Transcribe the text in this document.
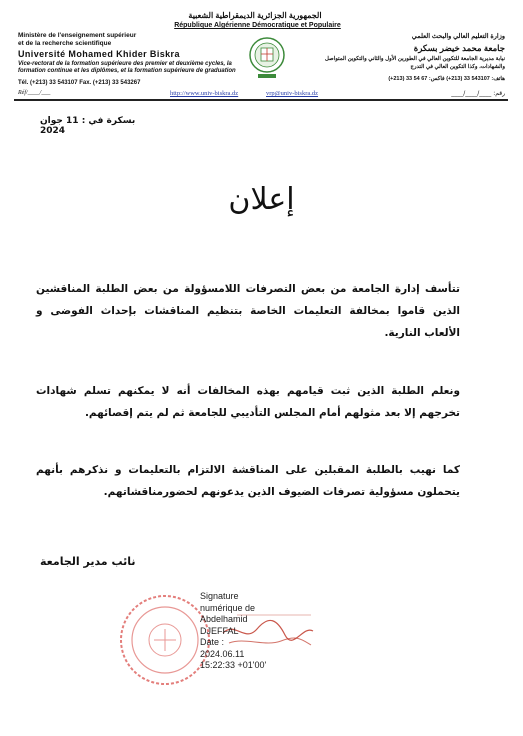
الجمهورية الجزائرية الديمقراطية الشعبية
République Algérienne Démocratique et Populaire
Ministère de l'enseignement supérieur
et de la recherche scientifique
Université Mohamed Khider Biskra
Vice-rectorat de la formation supérieure des premier et deuxième cycles, la formation continue et les diplômes, et la formation supérieure de graduation
Tél. (+213) 33 543107 Fax. (+213) 33 543267
Réf/____/___
وزارة التعليم العالي والبحث العلمي
جامعة محمد خيضر بسكرة
نيابة مديرية الجامعة للتكوين العالي في الطورين الأول والثاني والتكوين المتواصل والشهادات، وكذا التكوين العالي في التدرج
هاتف: 543107 33 (213+) فاكس: 67 54 33 (213+)
رقم: ____/____/____
http://www.univ-biskra.dz	vrp@univ-biskra.dz
بسكرة في : 11 جوان 2024
إعلان
تتأسف إدارة الجامعة من بعض التصرفات اللامسؤولة من بعض الطلبة المناقشين الذين قاموا بمخالفة التعليمات الخاصة بتنظيم المناقشات بإحداث الفوضى و الألعاب النارية.
ونعلم الطلبة الذين ثبت قيامهم بهذه المخالفات أنه لا يمكنهم تسلم شهادات تخرجهم إلا بعد مثولهم أمام المجلس التأديبي للجامعة ثم لم يتم إقصائهم.
كما نهيب بالطلبة المقبلين على المناقشة الالتزام بالتعليمات و نذكرهم بأنهم يتحملون مسؤولية تصرفات الضيوف الذين يدعونهم لحضورمناقشاتهم.
نائب مدير الجامعة
Signature
numérique de
Abdelhamid
DJEFFAL
Date :
2024.06.11
15:22:33 +01'00'
